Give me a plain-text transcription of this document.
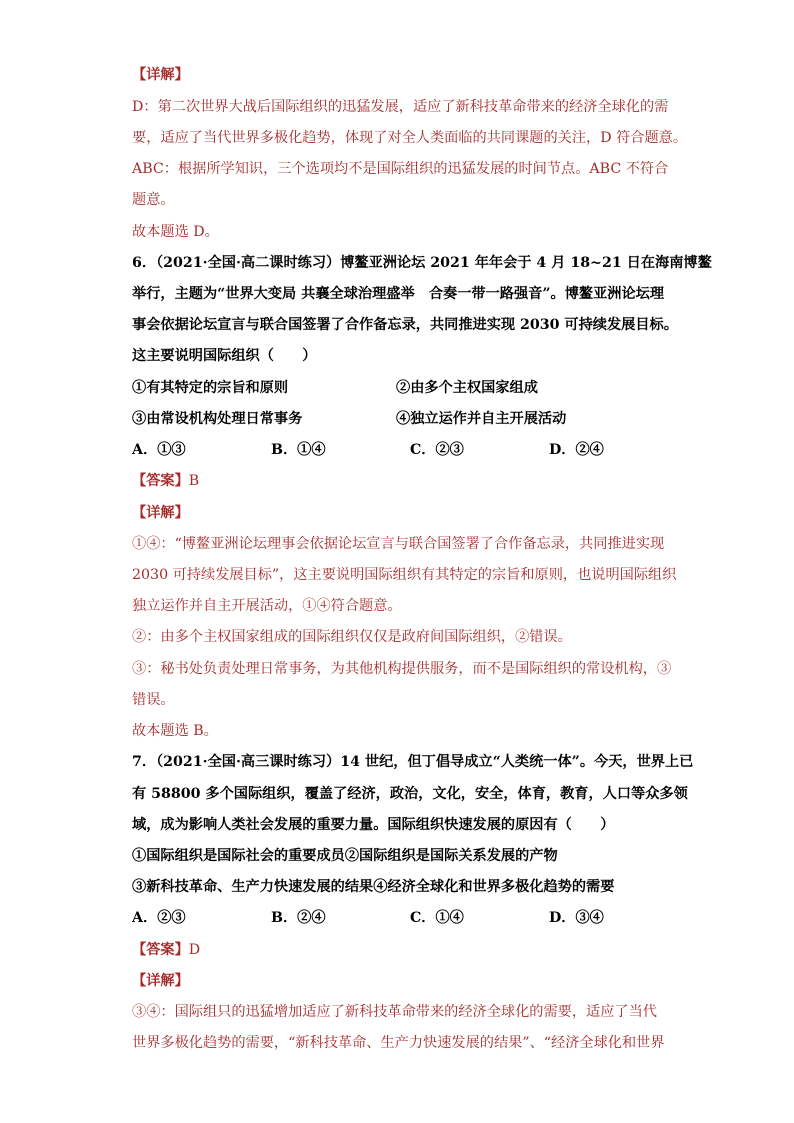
【详解】

D：第二次世界大战后国际组织的迅猛发展，适应了新科技革命带来的经济全球化的需

要，适应了当代世界多极化趋势，体现了对全人类面临的共同课题的关注，D 符合题意。

ABC：根据所学知识，三个选项均不是国际组织的迅猛发展的时间节点。ABC 不符合

题意。

故本题选 D。

6．（2021·全国·高二课时练习）博鳌亚洲论坛 2021 年年会于 4 月 18~21 日在海南博鳌

举行，主题为“世界大变局 共襄全球治理盛举　合奏一带一路强音”。博鳌亚洲论坛理

事会依据论坛宣言与联合国签署了合作备忘录，共同推进实现 2030 可持续发展目标。

这主要说明国际组织（　　）

①有其特定的宗旨和原则	②由多个主权国家组成

③由常设机构处理日常事务	④独立运作并自主开展活动

A．①③	B．①④	C．②③	D．②④

【答案】B

【详解】

①④：“博鳌亚洲论坛理事会依据论坛宣言与联合国签署了合作备忘录，共同推进实现

2030 可持续发展目标”，这主要说明国际组织有其特定的宗旨和原则，也说明国际组织

独立运作并自主开展活动，①④符合题意。

②：由多个主权国家组成的国际组织仅仅是政府间国际组织，②错误。

③：秘书处负责处理日常事务，为其他机构提供服务，而不是国际组织的常设机构，③

错误。

故本题选 B。

7．（2021·全国·高三课时练习）14 世纪，但丁倡导成立“人类统一体”。今天，世界上已

有 58800 多个国际组织，覆盖了经济，政治，文化，安全，体育，教育，人口等众多领

域，成为影响人类社会发展的重要力量。国际组织快速发展的原因有（　　）

①国际组织是国际社会的重要成员②国际组织是国际关系发展的产物

③新科技革命、生产力快速发展的结果④经济全球化和世界多极化趋势的需要

A．②③	B．②④	C．①④	D．③④

【答案】D

【详解】

③④：国际组只的迅猛增加适应了新科技革命带来的经济全球化的需要，适应了当代

世界多极化趋势的需要，“新科技革命、生产力快速发展的结果”、“经济全球化和世界
